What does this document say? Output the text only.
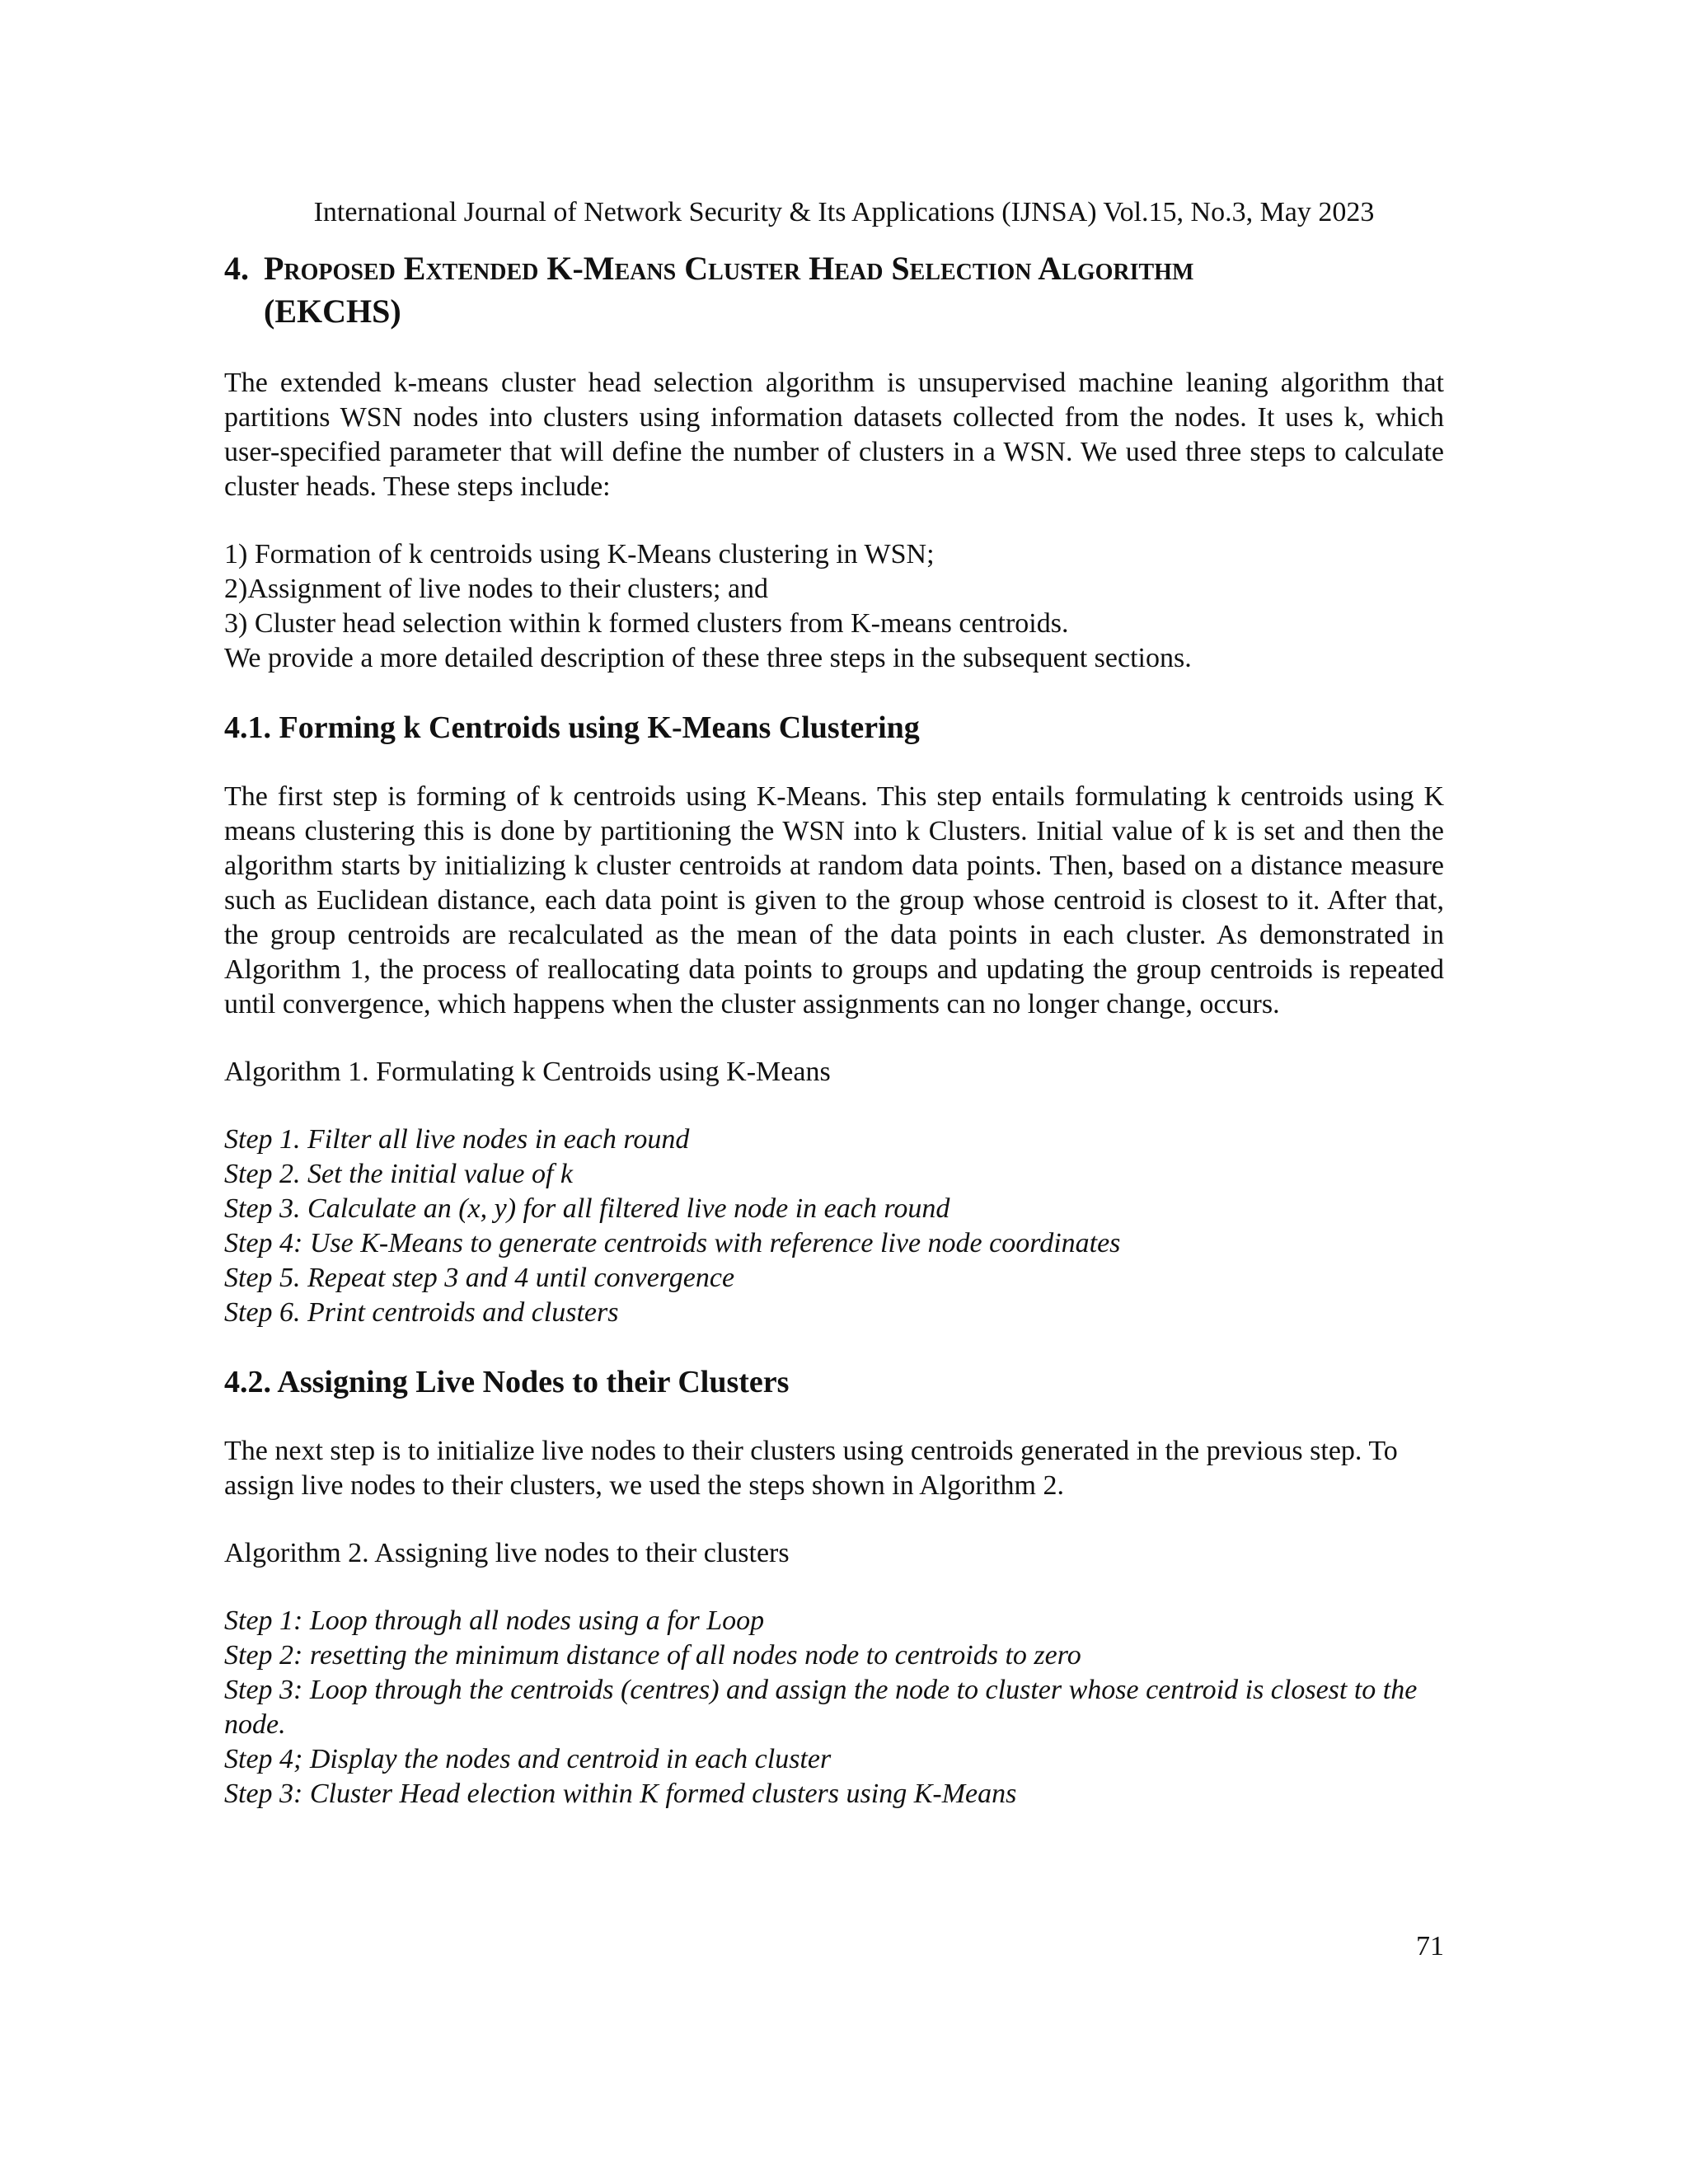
International Journal of Network Security & Its Applications (IJNSA) Vol.15, No.3, May 2023
4. Proposed Extended K-Means Cluster Head Selection Algorithm
(EKCHS)

The extended k-means cluster head selection algorithm is unsupervised machine leaning algorithm that partitions WSN nodes into clusters using information datasets collected from the nodes. It uses k, which user-specified parameter that will define the number of clusters in a WSN. We used three steps to calculate cluster heads. These steps include:

1) Formation of k centroids using K-Means clustering in WSN;

2)Assignment of live nodes to their clusters; and

3) Cluster head selection within k formed clusters from K-means centroids.

We provide a more detailed description of these three steps in the subsequent sections.

4.1. Forming k Centroids using K-Means Clustering

The first step is forming of k centroids using K-Means. This step entails formulating k centroids using K means clustering this is done by partitioning the WSN into k Clusters. Initial value of k is set and then the algorithm starts by initializing k cluster centroids at random data points. Then, based on a distance measure such as Euclidean distance, each data point is given to the group whose centroid is closest to it. After that, the group centroids are recalculated as the mean of the data points in each cluster. As demonstrated in Algorithm 1, the process of reallocating data points to groups and updating the group centroids is repeated until convergence, which happens when the cluster assignments can no longer change, occurs.

Algorithm 1. Formulating k Centroids using K-Means

Step 1. Filter all live nodes in each round

Step 2. Set the initial value of k

Step 3. Calculate an (x, y) for all filtered live node in each round

Step 4: Use K-Means to generate centroids with reference live node coordinates

Step 5. Repeat step 3 and 4 until convergence

Step 6. Print centroids and clusters

4.2. Assigning Live Nodes to their Clusters

The next step is to initialize live nodes to their clusters using centroids generated in the previous step. To assign live nodes to their clusters, we used the steps shown in Algorithm 2.

Algorithm 2. Assigning live nodes to their clusters

Step 1: Loop through all nodes using a for Loop

Step 2: resetting the minimum distance of all nodes node to centroids to zero

Step 3: Loop through the centroids (centres) and assign the node to cluster whose centroid is closest to the node.

Step 4; Display the nodes and centroid in each cluster

Step 3: Cluster Head election within K formed clusters using K-Means

71
